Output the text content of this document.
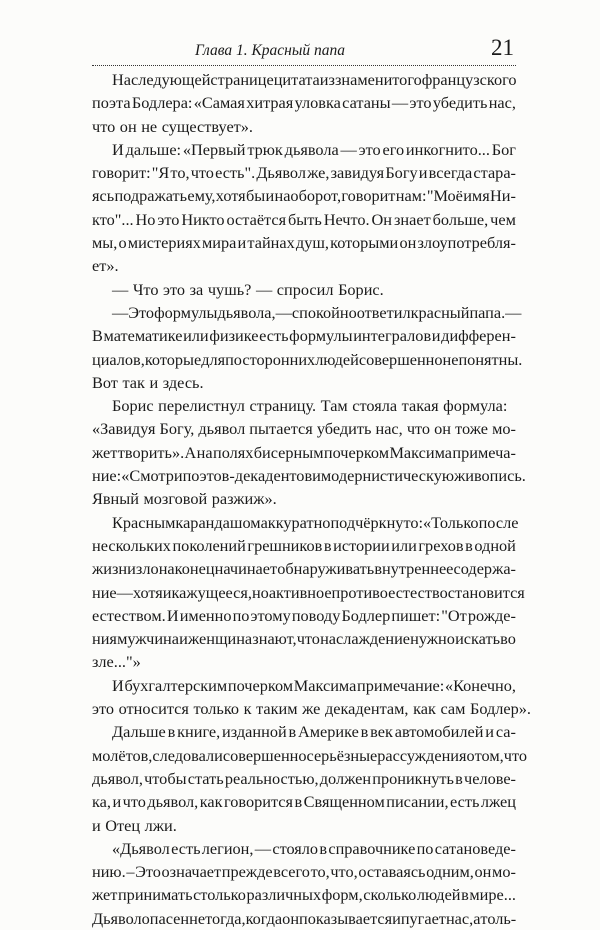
Глава 1. Красный папа	21
На следующей странице цитата из знаменитого французского
поэта Бодлера: «Самая хитрая уловка сатаны — это убедить нас,
что он не существует».
И дальше: «Первый трюк дьявола — это его инкогнито... Бог
говорит: "Я то, что есть". Дьявол же, завидуя Богу и всегда стара-
ясь подражать ему, хотя бы и наоборот, говорит нам: "Моё имя Ни-
кто"... Но это Никто остаётся быть Нечто. Он знает больше, чем
мы, о мистериях мира и тайнах душ, которыми он злоупотребля-
ет».
— Что это за чушь? — спросил Борис.
— Это формулы дьявола, — спокойно ответил красный папа. —
В математике или физике есть формулы интегралов и дифферен-
циалов, которые для посторонних людей совершенно непонятны.
Вот так и здесь.
Борис перелистнул страницу. Там стояла такая формула:
«Завидуя Богу, дьявол пытается убедить нас, что он тоже мо-
жет творить». А на полях бисерным почерком Максима примеча-
ние: «Смотри поэтов-декадентов и модернистическую живопись.
Явный мозговой разжиж».
Красным карандашом аккуратно подчёркнуто: «Только после
нескольких поколений грешников в истории или грехов в одной
жизни зло наконец начинает обнаруживать внутреннее содержа-
ние — хотя и кажущееся, но активное противоестество становится
естеством. И именно по этому поводу Бодлер пишет: "От рожде-
ния мужчина и женщина знают, что наслаждение нужно искать во
зле..."»
И бухгалтерским почерком Максима примечание: «Конечно,
это относится только к таким же декадентам, как сам Бодлер».
Дальше в книге, изданной в Америке в век автомобилей и са-
молётов, следовали совершенно серьёзные рассуждения о том, что
дьявол, чтобы стать реальностью, должен проникнуть в челове-
ка, и что дьявол, как говорится в Священном писании, есть лжец
и Отец лжи.
«Дьявол есть легион, — стояло в справочнике по сатановеде-
нию. – Это означает прежде всего то, что, оставаясь одним, он мо-
жет принимать столько различных форм, сколько людей в мире...
Дьявол опасен не тогда, когда он показывается и пугает нас, а толь-
